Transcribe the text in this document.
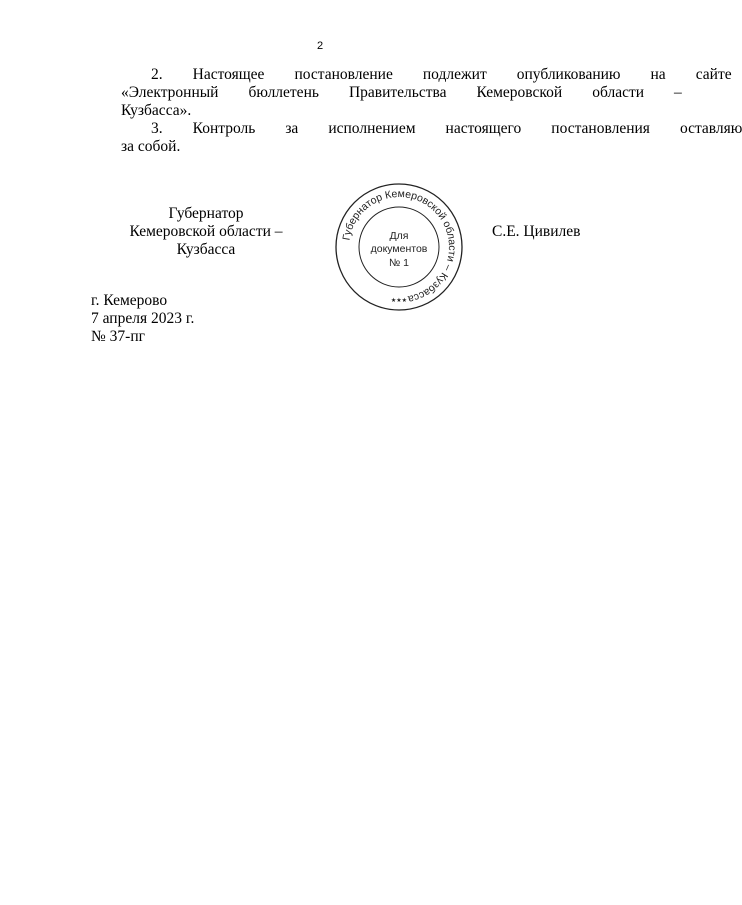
2
2.	Настоящее	постановление	подлежит	опубликованию	на	сайте
«Электронный	бюллетень	Правительства	Кемеровской	области	–
Кузбасса».
3.	Контроль	за	исполнением	настоящего	постановления	оставляю
за собой.
Губернатор
Кемеровской области – Кузбасса
Губернатор Кемеровской области – Кузбасса
Для
документов
№ 1
★★★
С.Е. Цивилев
г. Кемерово
7 апреля 2023 г.
№ 37-пг
